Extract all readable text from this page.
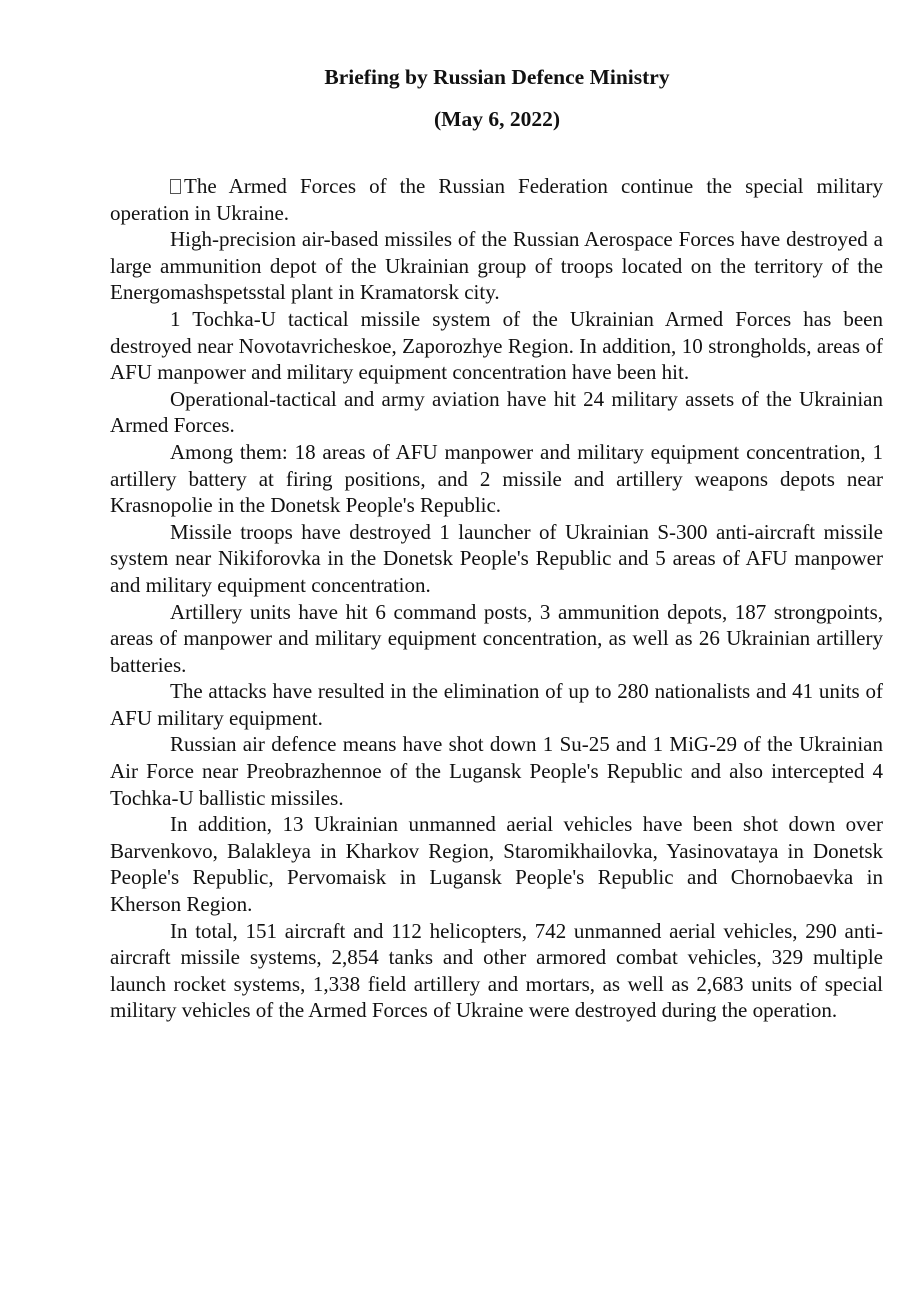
Briefing by Russian Defence Ministry
(May 6, 2022)

The Armed Forces of the Russian Federation continue the special military operation in Ukraine.

High-precision air-based missiles of the Russian Aerospace Forces have destroyed a large ammunition depot of the Ukrainian group of troops located on the territory of the Energomashspetsstal plant in Kramatorsk city.

1 Tochka-U tactical missile system of the Ukrainian Armed Forces has been destroyed near Novotavricheskoe, Zaporozhye Region. In addition, 10 strongholds, areas of AFU manpower and military equipment concentration have been hit.

Operational-tactical and army aviation have hit 24 military assets of the Ukrainian Armed Forces.

Among them: 18 areas of AFU manpower and military equipment concentration, 1 artillery battery at firing positions, and 2 missile and artillery weapons depots near Krasnopolie in the Donetsk People's Republic.

Missile troops have destroyed 1 launcher of Ukrainian S-300 anti-aircraft missile system near Nikiforovka in the Donetsk People's Republic and 5 areas of AFU manpower and military equipment concentration.

Artillery units have hit 6 command posts, 3 ammunition depots, 187 strongpoints, areas of manpower and military equipment concentration, as well as 26 Ukrainian artillery batteries.

The attacks have resulted in the elimination of up to 280 nationalists and 41 units of AFU military equipment.

Russian air defence means have shot down 1 Su-25 and 1 MiG-29 of the Ukrainian Air Force near Preobrazhennoe of the Lugansk People's Republic and also intercepted 4 Tochka-U ballistic missiles.

In addition, 13 Ukrainian unmanned aerial vehicles have been shot down over Barvenkovo, Balakleya in Kharkov Region, Staromikhailovka, Yasinovataya in Donetsk People's Republic, Pervomaisk in Lugansk People's Republic and Chornobaevka in Kherson Region.

In total, 151 aircraft and 112 helicopters, 742 unmanned aerial vehicles, 290 anti-aircraft missile systems, 2,854 tanks and other armored combat vehicles, 329 multiple launch rocket systems, 1,338 field artillery and mortars, as well as 2,683 units of special military vehicles of the Armed Forces of Ukraine were destroyed during the operation.
